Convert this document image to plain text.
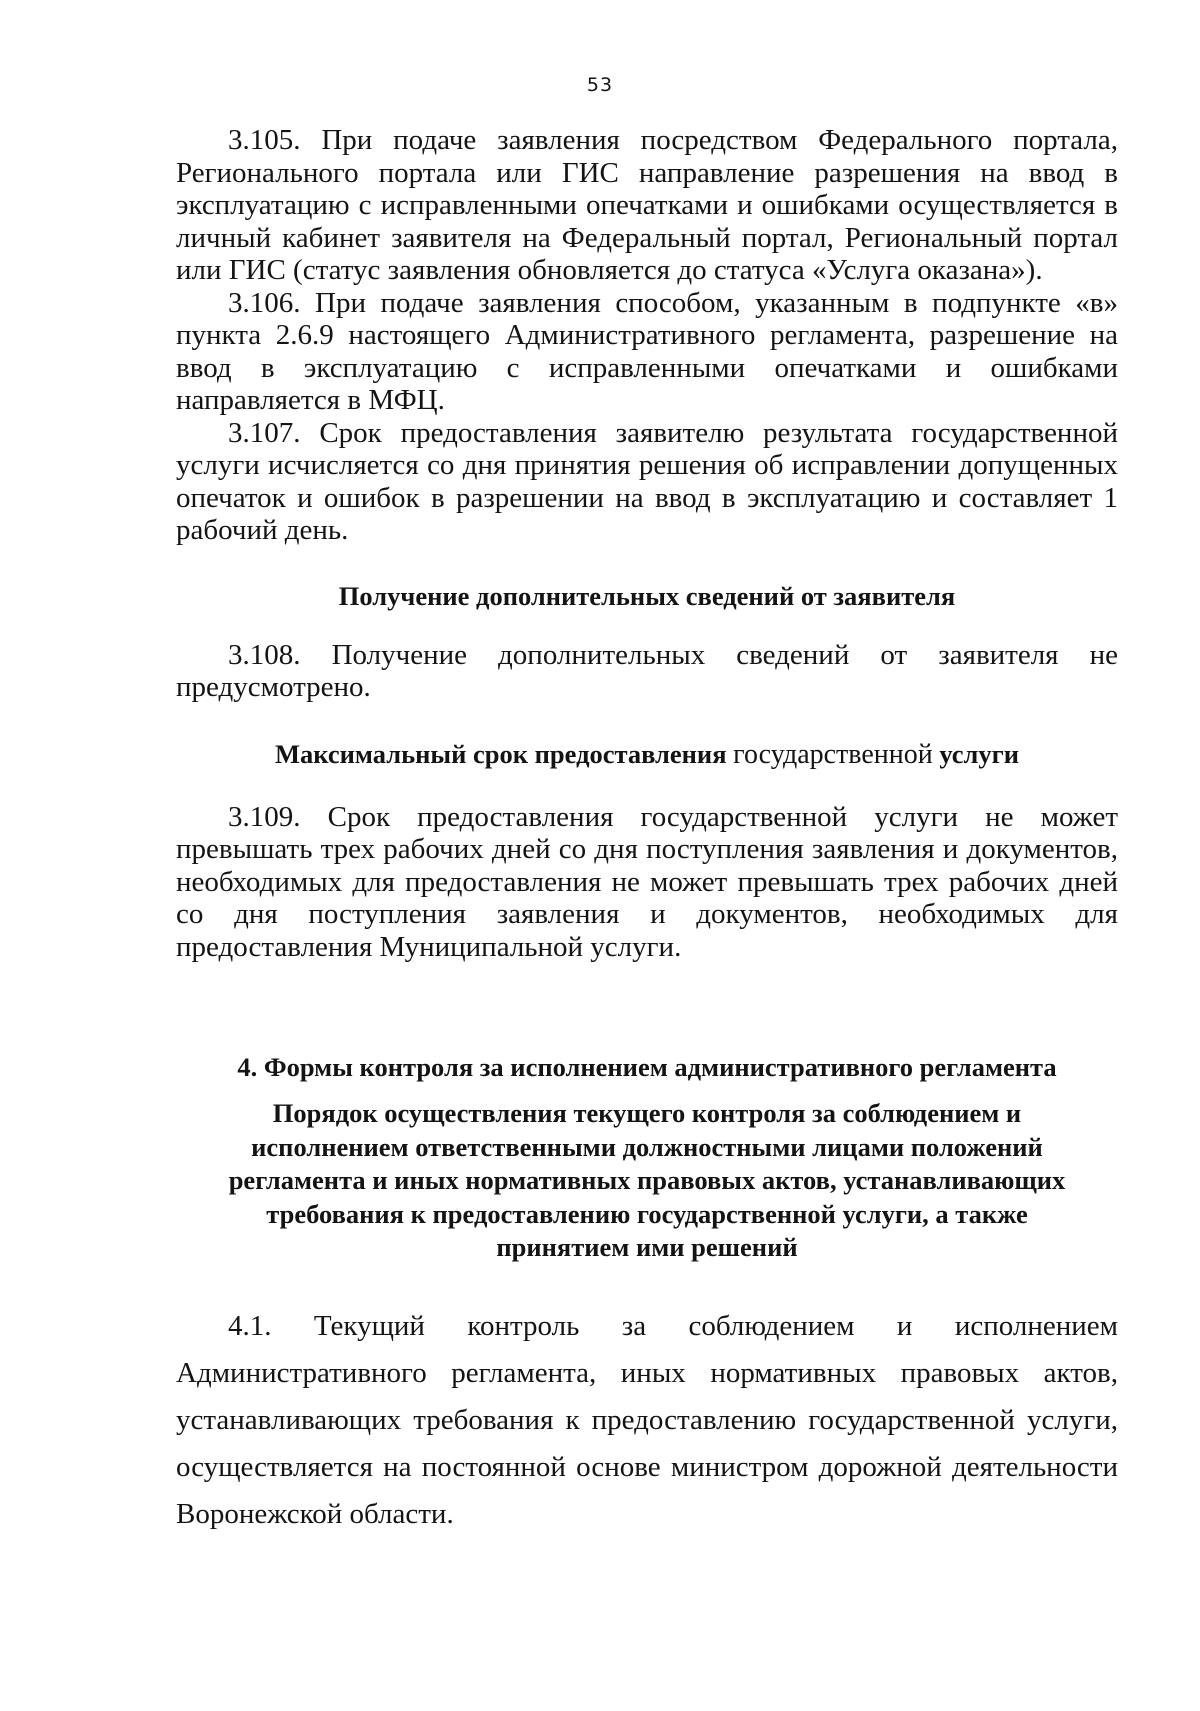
53

3.105. При подаче заявления посредством Федерального портала, Регионального портала или ГИС направление разрешения на ввод в эксплуатацию с исправленными опечатками и ошибками осуществляется в личный кабинет заявителя на Федеральный портал, Региональный портал или ГИС (статус заявления обновляется до статуса «Услуга оказана»).

3.106. При подаче заявления способом, указанным в подпункте «в» пункта 2.6.9 настоящего Административного регламента, разрешение на ввод в эксплуатацию с исправленными опечатками и ошибками направляется в МФЦ.

3.107. Срок предоставления заявителю результата государственной услуги исчисляется со дня принятия решения об исправлении допущенных опечаток и ошибок в разрешении на ввод в эксплуатацию и составляет 1 рабочий день.

Получение дополнительных сведений от заявителя

3.108. Получение дополнительных сведений от заявителя не предусмотрено.

Максимальный срок предоставления государственной услуги

3.109. Срок предоставления государственной услуги не может превышать трех рабочих дней со дня поступления заявления и документов, необходимых для предоставления не может превышать трех рабочих дней со дня поступления заявления и документов, необходимых для предоставления Муниципальной услуги.

4. Формы контроля за исполнением административного регламента
Порядок осуществления текущего контроля за соблюдением и
исполнением ответственными должностными лицами положений
регламента и иных нормативных правовых актов, устанавливающих
требования к предоставлению государственной услуги, а также
принятием ими решений

4.1. Текущий контроль за соблюдением и исполнением Административного регламента, иных нормативных правовых актов, устанавливающих требования к предоставлению государственной услуги, осуществляется на постоянной основе министром дорожной деятельности Воронежской области.
